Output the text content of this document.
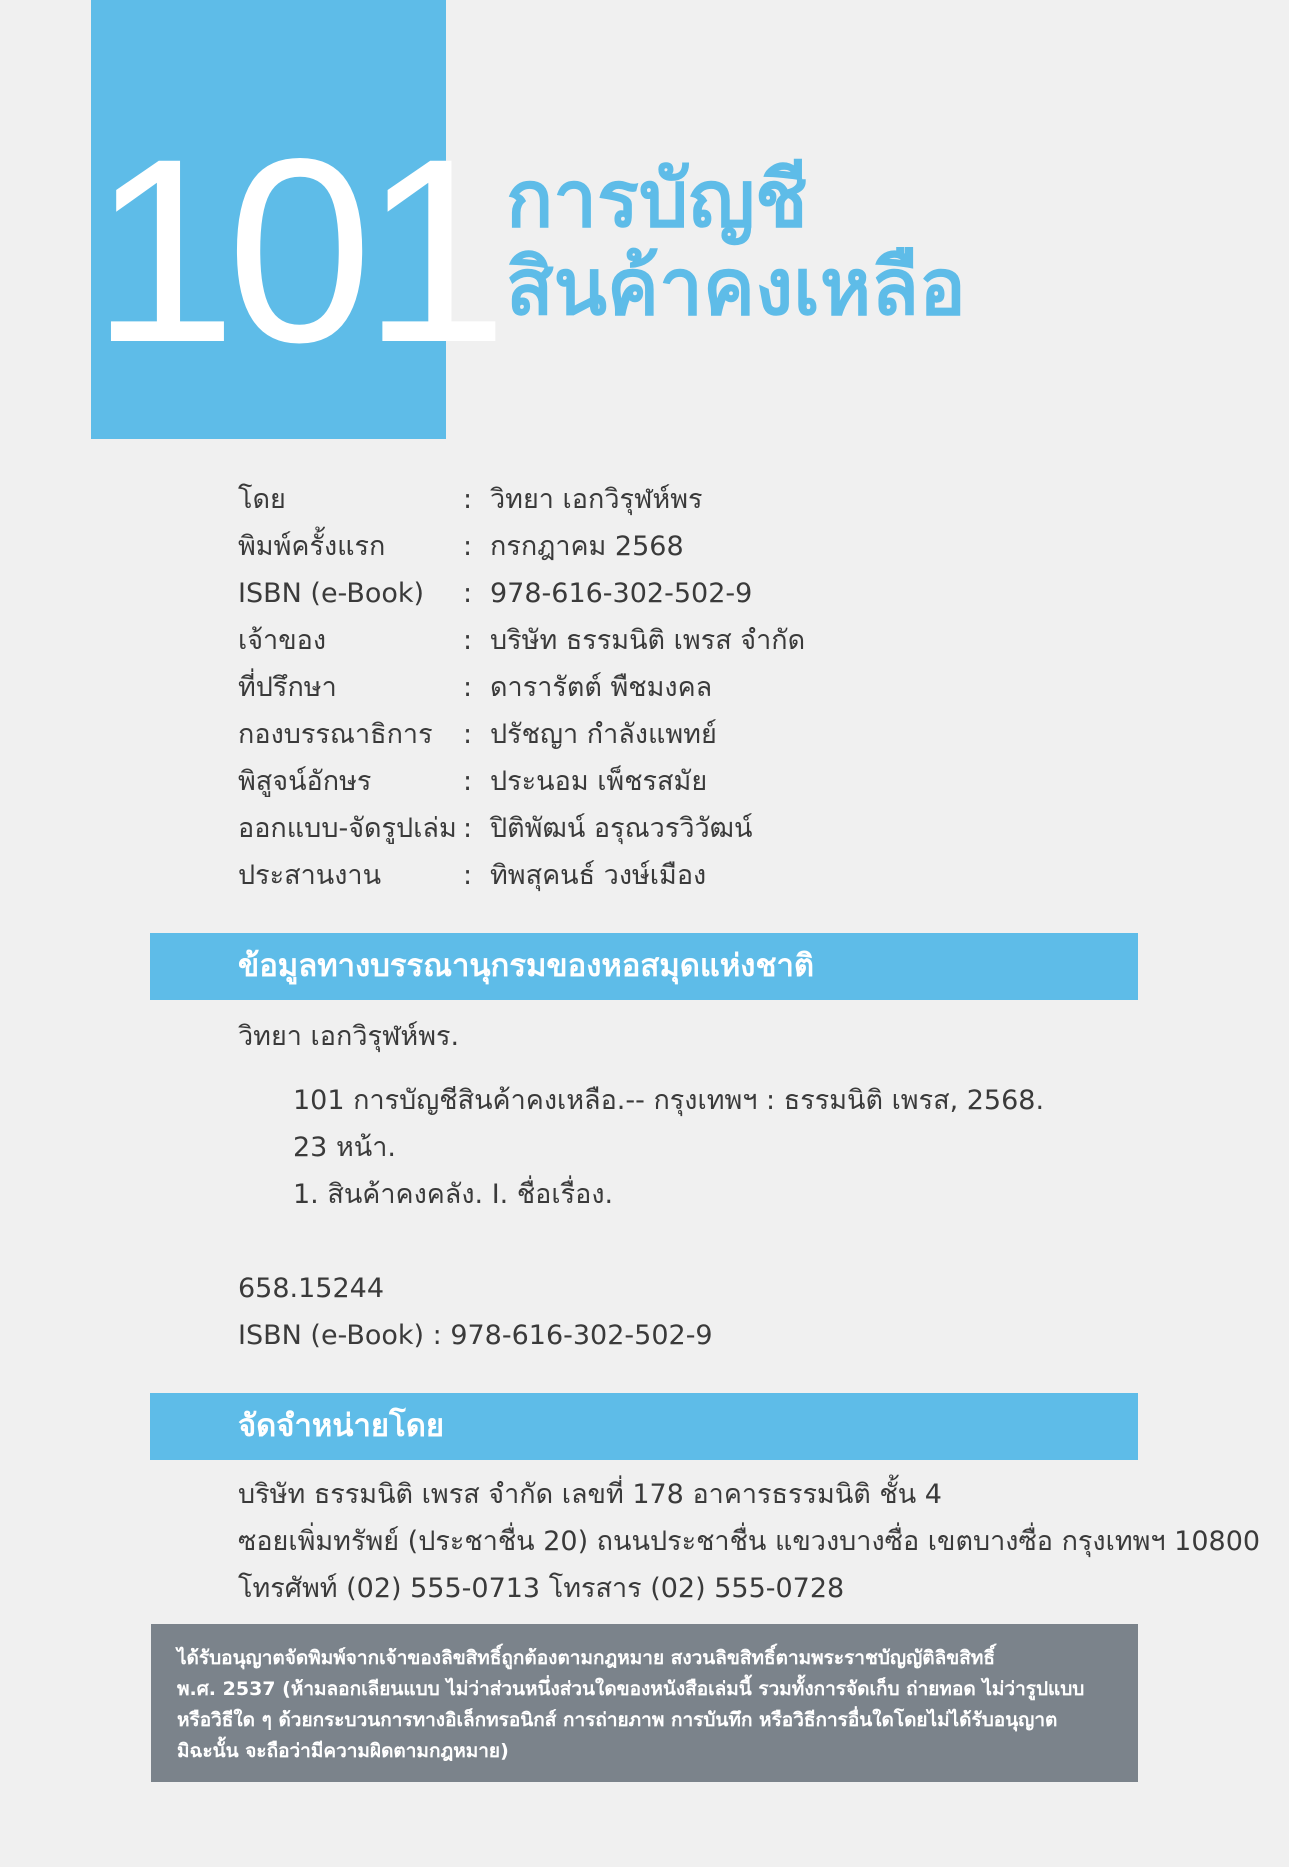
101 การบัญชี
สินค้าคงเหลือ
โดย	: วิทยา เอกวิรุฬห์พร
พิมพ์ครั้งแรก	: กรกฎาคม 2568
ISBN (e-Book)	: 978-616-302-502-9
เจ้าของ	: บริษัท ธรรมนิติ เพรส จำกัด
ที่ปรึกษา	: ดารารัตต์ พืชมงคล
กองบรรณาธิการ	: ปรัชญา กำลังแพทย์
พิสูจน์อักษร	: ประนอม เพ็ชรสมัย
ออกแบบ-จัดรูปเล่ม : ปิติพัฒน์ อรุณวรวิวัฒน์
ประสานงาน	: ทิพสุคนธ์ วงษ์เมือง
ข้อมูลทางบรรณานุกรมของหอสมุดแห่งชาติ
วิทยา เอกวิรุฬห์พร.
101 การบัญชีสินค้าคงเหลือ.-- กรุงเทพฯ : ธรรมนิติ เพรส, 2568.
23 หน้า.
1. สินค้าคงคลัง. I. ชื่อเรื่อง.
658.15244
ISBN (e-Book) : 978-616-302-502-9
จัดจำหน่ายโดย
บริษัท ธรรมนิติ เพรส จำกัด เลขที่ 178 อาคารธรรมนิติ ชั้น 4
ซอยเพิ่มทรัพย์ (ประชาชื่น 20) ถนนประชาชื่น แขวงบางซื่อ เขตบางซื่อ กรุงเทพฯ 10800
โทรศัพท์ (02) 555-0713 โทรสาร (02) 555-0728
ได้รับอนุญาตจัดพิมพ์จากเจ้าของลิขสิทธิ์ถูกต้องตามกฎหมาย สงวนลิขสิทธิ์ตามพระราชบัญญัติลิขสิทธิ์
พ.ศ. 2537 (ห้ามลอกเลียนแบบ ไม่ว่าส่วนหนึ่งส่วนใดของหนังสือเล่มนี้ รวมทั้งการจัดเก็บ ถ่ายทอด ไม่ว่ารูปแบบ
หรือวิธีใด ๆ ด้วยกระบวนการทางอิเล็กทรอนิกส์ การถ่ายภาพ การบันทึก หรือวิธีการอื่นใดโดยไม่ได้รับอนุญาต
มิฉะนั้น จะถือว่ามีความผิดตามกฎหมาย)
